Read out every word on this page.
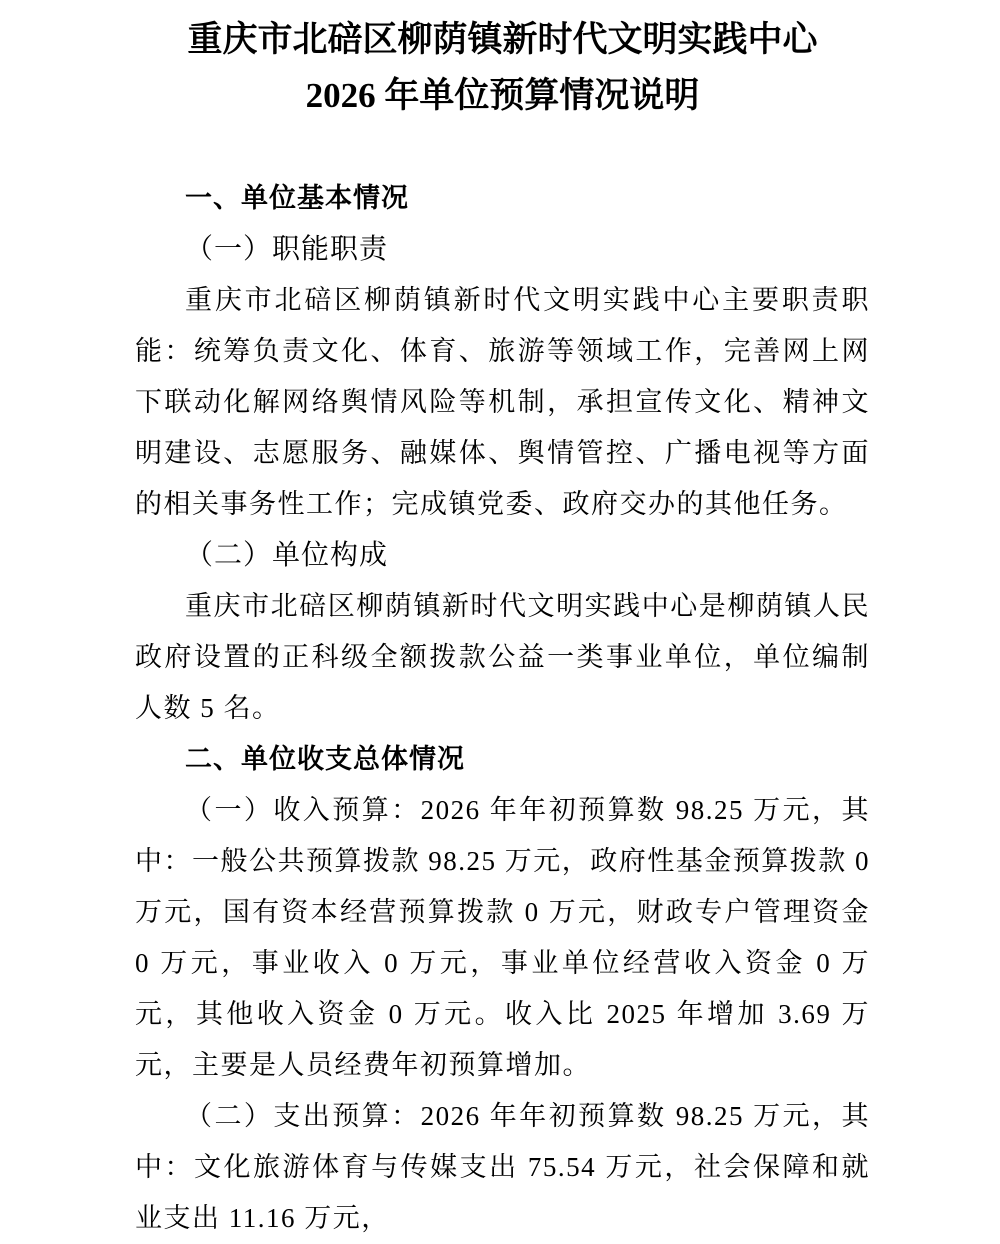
重庆市北碚区柳荫镇新时代文明实践中心
2026 年单位预算情况说明
一、单位基本情况
（一）职能职责

重庆市北碚区柳荫镇新时代文明实践中心主要职责职能：统筹负责文化、体育、旅游等领域工作，完善网上网下联动化解网络舆情风险等机制，承担宣传文化、精神文明建设、志愿服务、融媒体、舆情管控、广播电视等方面的相关事务性工作；完成镇党委、政府交办的其他任务。

（二）单位构成

重庆市北碚区柳荫镇新时代文明实践中心是柳荫镇人民政府设置的正科级全额拨款公益一类事业单位，单位编制人数 5 名。

二、单位收支总体情况

（一）收入预算：2026 年年初预算数 98.25 万元，其中：一般公共预算拨款 98.25 万元，政府性基金预算拨款 0 万元，国有资本经营预算拨款 0 万元，财政专户管理资金 0 万元，事业收入 0 万元，事业单位经营收入资金 0 万元，其他收入资金 0 万元。收入比 2025 年增加 3.69 万元，主要是人员经费年初预算增加。

（二）支出预算：2026 年年初预算数 98.25 万元，其中：文化旅游体育与传媒支出 75.54 万元，社会保障和就业支出 11.16 万元，
